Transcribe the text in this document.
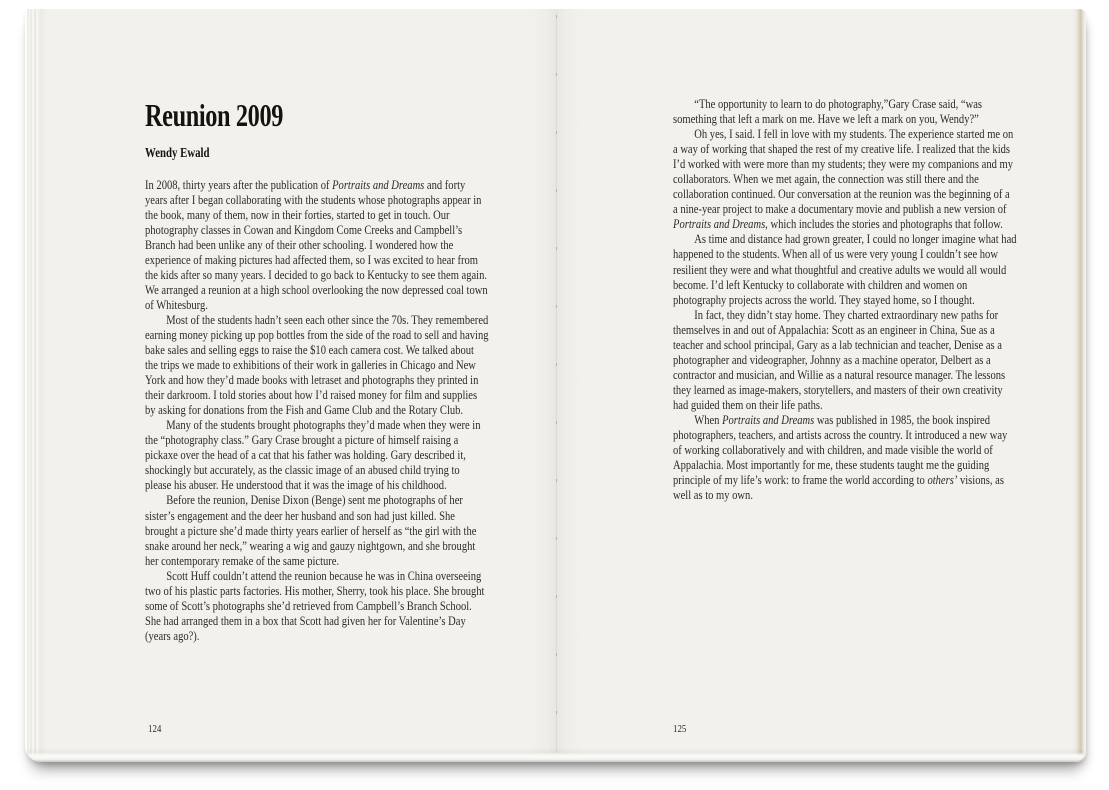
Reunion 2009
Wendy Ewald

In 2008, thirty years after the publication of Portraits and Dreams and forty years after I began collaborating with the students whose photographs appear in the book, many of them, now in their forties, started to get in touch. Our photography classes in Cowan and Kingdom Come Creeks and Campbell’s Branch had been unlike any of their other schooling. I wondered how the experience of making pictures had affected them, so I was excited to hear from the kids after so many years. I decided to go back to Kentucky to see them again. We arranged a reunion at a high school overlooking the now depressed coal town of Whitesburg.

Most of the students hadn’t seen each other since the 70s. They remembered earning money picking up pop bottles from the side of the road to sell and having bake sales and selling eggs to raise the $10 each camera cost. We talked about the trips we made to exhibitions of their work in galleries in Chicago and New York and how they’d made books with letraset and photographs they printed in their darkroom. I told stories about how I’d raised money for film and supplies by asking for donations from the Fish and Game Club and the Rotary Club.

Many of the students brought photographs they’d made when they were in the “photography class.” Gary Crase brought a picture of himself raising a pickaxe over the head of a cat that his father was holding. Gary described it, shockingly but accurately, as the classic image of an abused child trying to please his abuser. He understood that it was the image of his childhood.

Before the reunion, Denise Dixon (Benge) sent me photographs of her sister’s engagement and the deer her husband and son had just killed. She brought a picture she’d made thirty years earlier of herself as “the girl with the snake around her neck,” wearing a wig and gauzy nightgown, and she brought her contemporary remake of the same picture.

Scott Huff couldn’t attend the reunion because he was in China overseeing two of his plastic parts factories. His mother, Sherry, took his place. She brought some of Scott’s photographs she’d retrieved from Campbell’s Branch School. She had arranged them in a box that Scott had given her for Valentine’s Day (years ago?).

124

“The opportunity to learn to do photography,”Gary Crase said, “was something that left a mark on me. Have we left a mark on you, Wendy?”

Oh yes, I said. I fell in love with my students. The experience started me on a way of working that shaped the rest of my creative life. I realized that the kids I’d worked with were more than my students; they were my companions and my collaborators. When we met again, the connection was still there and the collaboration continued. Our conversation at the reunion was the beginning of a a nine-year project to make a documentary movie and publish a new version of Portraits and Dreams, which includes the stories and photographs that follow.

As time and distance had grown greater, I could no longer imagine what had happened to the students. When all of us were very young I couldn’t see how resilient they were and what thoughtful and creative adults we would all would become. I’d left Kentucky to collaborate with children and women on photography projects across the world. They stayed home, so I thought.

In fact, they didn’t stay home. They charted extraordinary new paths for themselves in and out of Appalachia: Scott as an engineer in China, Sue as a teacher and school principal, Gary as a lab technician and teacher, Denise as a photographer and videographer, Johnny as a machine operator, Delbert as a contractor and musician, and Willie as a natural resource manager. The lessons they learned as image-makers, storytellers, and masters of their own creativity had guided them on their life paths.

When Portraits and Dreams was published in 1985, the book inspired photographers, teachers, and artists across the country. It introduced a new way of working collaboratively and with children, and made visible the world of Appalachia. Most importantly for me, these students taught me the guiding principle of my life’s work: to frame the world according to others’ visions, as well as to my own.

125
